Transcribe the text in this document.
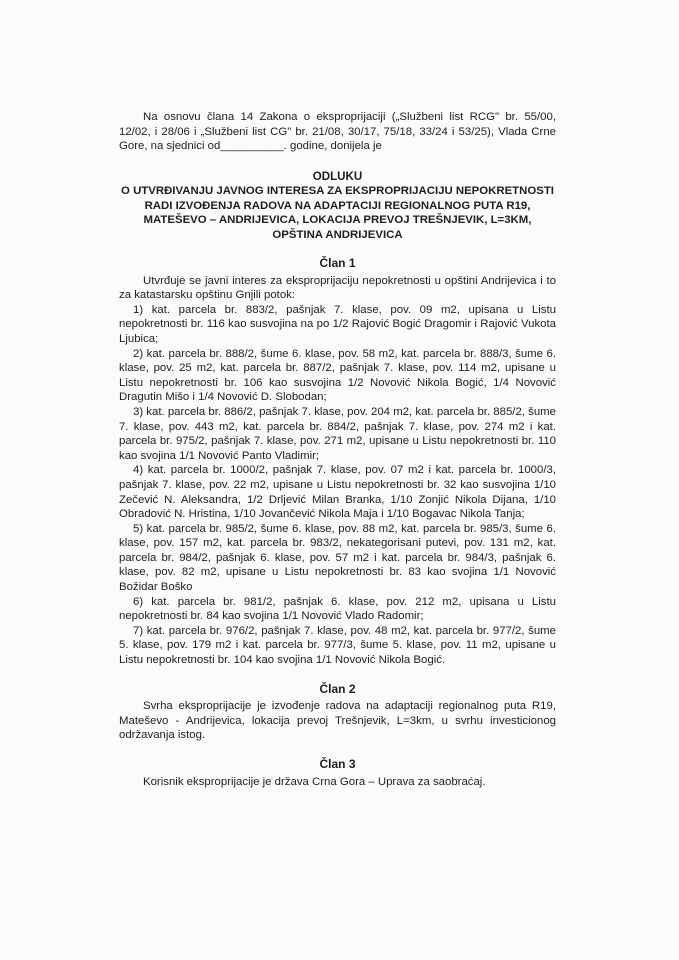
Na osnovu člana 14 Zakona o eksproprijaciji („Službeni list RCG" br. 55/00, 12/02, i 28/06 i „Službeni list CG" br. 21/08, 30/17, 75/18, 33/24 i 53/25), Vlada Crne Gore, na sjednici od__________. godine, donijela je

ODLUKU

O UTVRĐIVANJU JAVNOG INTERESA ZA EKSPROPRIJACIJU NEPOKRETNOSTI RADI IZVOĐENJA RADOVA NA ADAPTACIJI REGIONALNOG PUTA R19, MATEŠEVO – ANDRIJEVICA, LOKACIJA PREVOJ TREŠNJEVIK, L=3KM, OPŠTINA ANDRIJEVICA

Član 1

Utvrđuje se javni interes za eksproprijaciju nepokretnosti u opštini Andrijevica i to za katastarsku opštinu Gnjili potok:

1) kat. parcela br. 883/2, pašnjak 7. klase, pov. 09 m2, upisana u Listu nepokretnosti br. 116 kao susvojina na po 1/2 Rajović Bogić Dragomir i Rajović Vukota Ljubica;

2) kat. parcela br. 888/2, šume 6. klase, pov. 58 m2, kat. parcela br. 888/3, šume 6. klase, pov. 25 m2, kat. parcela br. 887/2, pašnjak 7. klase, pov. 114 m2, upisane u Listu nepokretnosti br. 106 kao susvojina 1/2 Novović Nikola Bogić, 1/4 Novović Dragutin Mišo i 1/4 Novović D. Slobodan;

3) kat. parcela br. 886/2, pašnjak 7. klase, pov. 204 m2, kat. parcela br. 885/2, šume 7. klase, pov. 443 m2, kat. parcela br. 884/2, pašnjak 7. klase, pov. 274 m2 i kat. parcela br. 975/2, pašnjak 7. klase, pov. 271 m2, upisane u Listu nepokretnosti br. 110 kao svojina 1/1 Novović Panto Vladimir;

4) kat. parcela br. 1000/2, pašnjak 7. klase, pov. 07 m2 i kat. parcela br. 1000/3, pašnjak 7. klase, pov. 22 m2, upisane u Listu nepokretnosti br. 32 kao susvojina 1/10 Zečević N. Aleksandra, 1/2 Drljević Milan Branka, 1/10 Zonjić Nikola Dijana, 1/10 Obradović N. Hristina, 1/10 Jovančević Nikola Maja i 1/10 Bogavac Nikola Tanja;

5) kat. parcela br. 985/2, šume 6. klase, pov. 88 m2, kat. parcela br. 985/3, šume 6. klase, pov. 157 m2, kat. parcela br. 983/2, nekategorisani putevi, pov. 131 m2, kat. parcela br. 984/2, pašnjak 6. klase, pov. 57 m2 i kat. parcela br. 984/3, pašnjak 6. klase, pov. 82 m2, upisane u Listu nepokretnosti br. 83 kao svojina 1/1 Novović Božidar Boško

6) kat. parcela br. 981/2, pašnjak 6. klase, pov. 212 m2, upisana u Listu nepokretnosti br. 84 kao svojina 1/1 Novović Vlado Radomir;

7) kat. parcela br. 976/2, pašnjak 7. klase, pov. 48 m2, kat. parcela br. 977/2, šume 5. klase, pov. 179 m2 i kat. parcela br. 977/3, šume 5. klase, pov. 11 m2, upisane u Listu nepokretnosti br. 104 kao svojina 1/1 Novović Nikola Bogić.

Član 2

Svrha eksproprijacije je izvođenje radova na adaptaciji regionalnog puta R19, Mateševo - Andrijevica, lokacija prevoj Trešnjevik, L=3km, u svrhu investicionog održavanja istog.

Član 3

Korisnik eksproprijacije je država Crna Gora – Uprava za saobraćaj.
